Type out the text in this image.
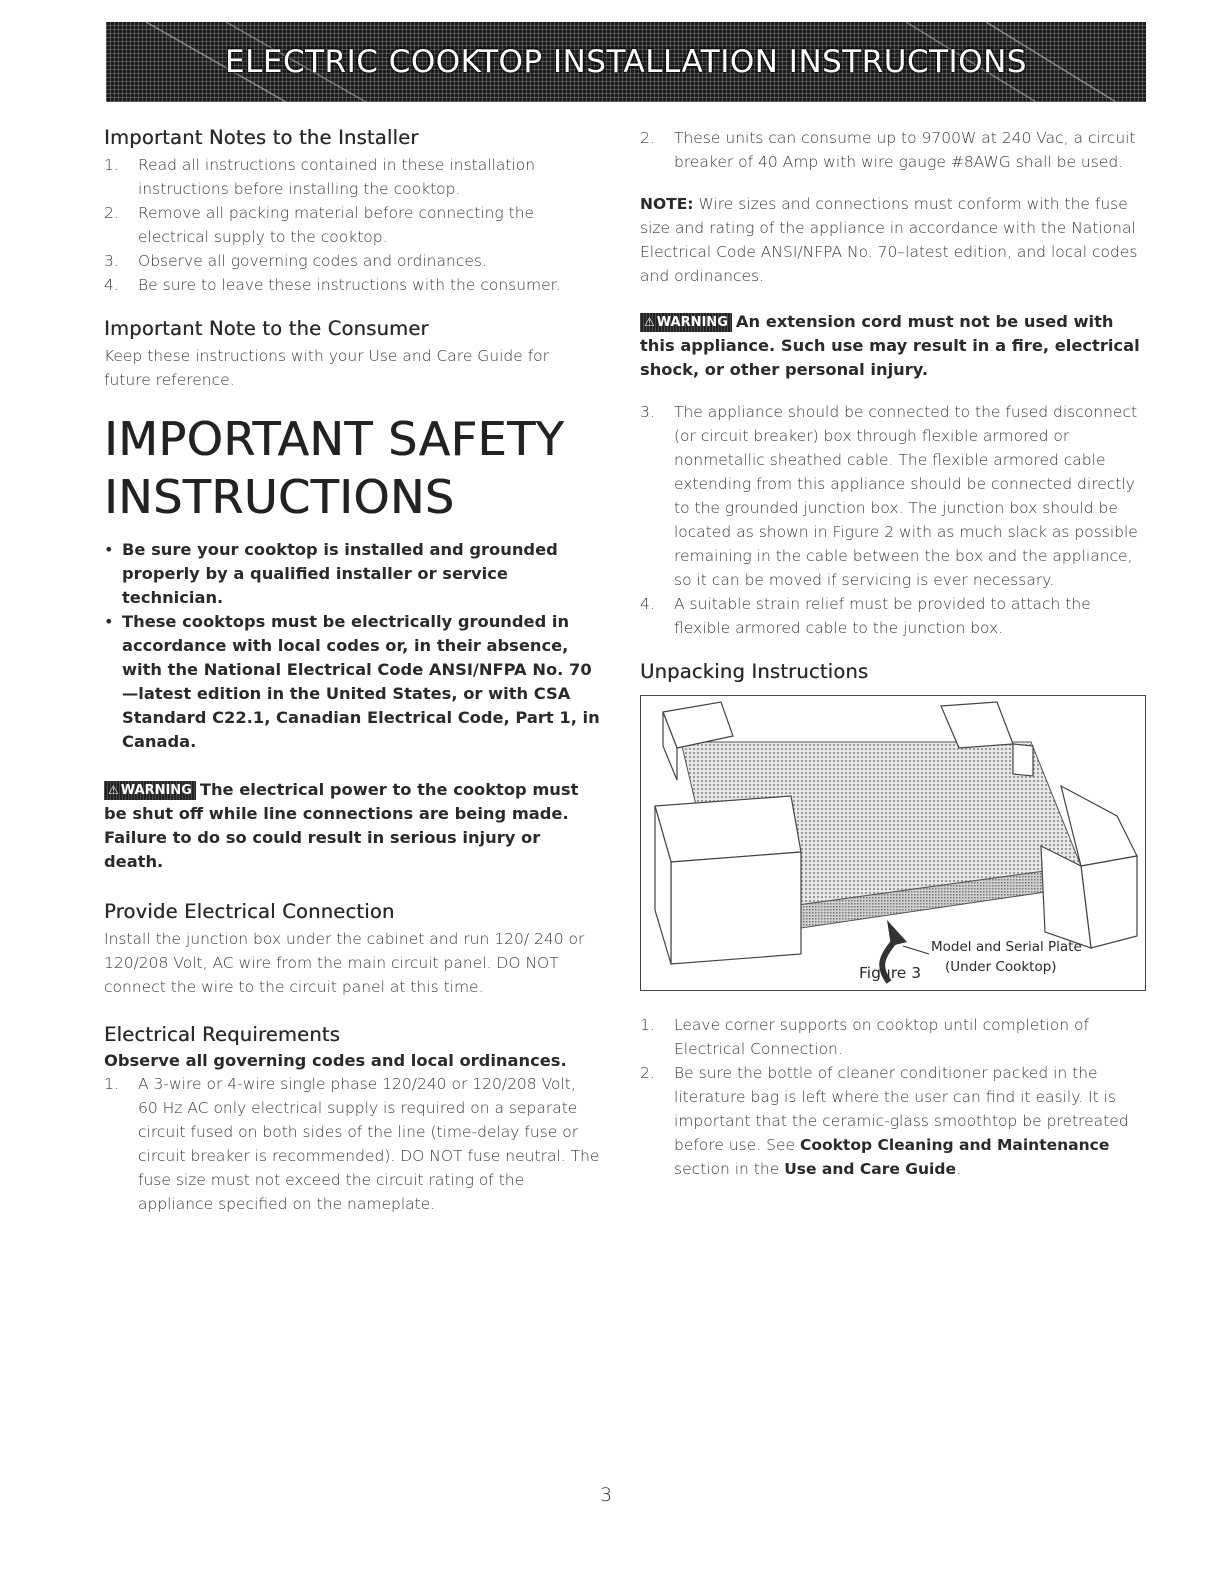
ELECTRIC COOKTOP INSTALLATION INSTRUCTIONS
Important Notes to the Installer
1. Read all instructions contained in these installation instructions before installing the cooktop.
2. Remove all packing material before connecting the electrical supply to the cooktop.
3. Observe all governing codes and ordinances.
4. Be sure to leave these instructions with the consumer.
Important Note to the Consumer

Keep these instructions with your Use and Care Guide for future reference.

IMPORTANT SAFETY
INSTRUCTIONS
• Be sure your cooktop is installed and grounded properly by a qualified installer or service technician.
• These cooktops must be electrically grounded in accordance with local codes or, in their absence, with the National Electrical Code ANSI/NFPA No. 70—latest edition in the United States, or with CSA Standard C22.1, Canadian Electrical Code, Part 1, in Canada.
⚠ WARNING The electrical power to the cooktop must be shut off while line connections are being made. Failure to do so could result in serious injury or death.
Provide Electrical Connection

Install the junction box under the cabinet and run 120/ 240 or 120/208 Volt, AC wire from the main circuit panel. DO NOT connect the wire to the circuit panel at this time.

Electrical Requirements

Observe all governing codes and local ordinances.

1. A 3-wire or 4-wire single phase 120/240 or 120/208 Volt, 60 Hz AC only electrical supply is required on a separate circuit fused on both sides of the line (time-delay fuse or circuit breaker is recommended). DO NOT fuse neutral. The fuse size must not exceed the circuit rating of the appliance specified on the nameplate.
2. These units can consume up to 9700W at 240 Vac, a circuit breaker of 40 Amp with wire gauge #8AWG shall be used.

NOTE: Wire sizes and connections must conform with the fuse size and rating of the appliance in accordance with the National Electrical Code ANSI/NFPA No. 70–latest edition, and local codes and ordinances.

⚠ WARNING An extension cord must not be used with this appliance. Such use may result in a fire, electrical shock, or other personal injury.
3. The appliance should be connected to the fused disconnect (or circuit breaker) box through flexible armored or nonmetallic sheathed cable. The flexible armored cable extending from this appliance should be connected directly to the grounded junction box. The junction box should be located as shown in Figure 2 with as much slack as possible remaining in the cable between the box and the appliance, so it can be moved if servicing is ever necessary.
4. A suitable strain relief must be provided to attach the flexible armored cable to the junction box.
Unpacking Instructions
Model and Serial Plate
(Under Cooktop)
Figure 3
1. Leave corner supports on cooktop until completion of Electrical Connection.
2. Be sure the bottle of cleaner conditioner packed in the literature bag is left where the user can find it easily. It is important that the ceramic-glass smoothtop be pretreated before use. See Cooktop Cleaning and Maintenance section in the Use and Care Guide.
3
